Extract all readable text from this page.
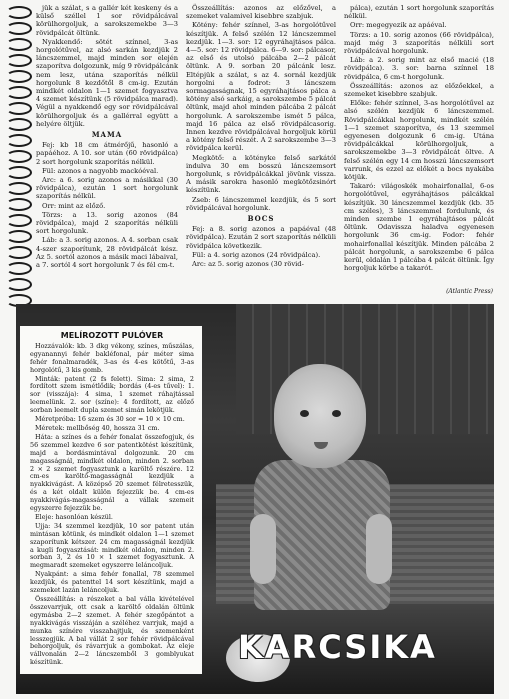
jük a szálat, s a gallér két keskeny és a külső széllel 1 sor rövidpálcával körülhorgoljuk, a sarokszemekbe 3—3 rövidpálcát öltünk.

Nyakkendő: sötét színnel, 3-as horgolótűvel, az alsó sarkán kezdjük 2 láncszemmel, majd minden sor elején szaporítva dolgozunk, míg 9 rövidpálcánk nem lesz, utána szaporítás nélkül horgolunk 8 kezdőtől 8 cm-ig. Ezután mindkét oldalon 1—1 szemet fogyasztva 4 szemet készítünk (5 rövidpálca marad). Végül a nyakkendő egy sor rövidpálcával körülhorgoljuk és a gallérral együtt a helyére öltjük.

MAMA

Fej: kb 18 cm átmérőjű, hasonló a papáéhoz. A 10. sor után (60 rövidpálca) 2 sort horgolunk szaporítás nélkül.

Fül: azonos a nagyobb mackóéval.

Arc: a 6. sorig azonos a másikkal (30 rövidpálca), ezután 1 sort horgolunk szaporítás nélkül.

Orr: mint az előző.

Törzs: a 13. sorig azonos (84 rövidpálca), majd 2 szaporítás nélküli sort horgolunk.

Láb: a 3. sorig azonos. A 4. sorban csak 4-szer szaporítunk, 28 rövidpálcát kész. Az 5. sortól azonos a másik maci lábaival, a 7. sortól 4 sort horgolunk 7 és fél cm-t.

Összeállítás: azonos az előzővel, a szemeket valamivel kisebbre szabjuk.

Kötény: fehér színnel, 3-as horgolótűvel készítjük. A felső szélén 12 láncszemmel kezdjük. 1—3. sor: 12 egyráhajtásos pálca. 4—5. sor: 12 rövidpálca. 6—9. sor: pálcasor, az első és utolsó pálcába 2—2 pálcát öltünk. A 9. sorban 20 pálcánk lesz. Eltépjük a szálat, s az 4. sornál kezdjük horgolni a fodrot: 3 láncszem sormagasságnak, 15 egyráhajtásos pálca a kötény alsó sarkáig, a sarokszembe 5 pálcát öltünk, majd ahol minden pálcába 2 pálcát horgolunk. A sarokszembe ismét 5 pálca, majd 16 pálca az első rövidpálcasorig. Innen kezdve rövidpálcával horgoljuk körül a kötény felső részét. A 2 sarokszembe 3—3 rövidpálca kerül.

Megkötő: a kötényke felső sarkától indulva 30 em bosszú láncszemsort horgolunk, s rövidpálcákkal jövünk vissza. A másik sarokra hasonló megkötőzsinórt készítünk.

Zseb: 6 láncszemmel kezdjük, és 5 sort rövidpálcával horgolunk.

BOCS

Fej: a 8. sorig azonos a papáéval (48 rövidpálca). Ezután 2 sort szaporítás nélküli rövidpálca következik.

Fül: a 4. sorig azonos (24 rövidpálca).

Arc: az 5. sorig azonos (30 rövid-

pálca), ezután 1 sort horgolunk szaporítás nélkül.

Orr: megegyezik az apáéval.

Törzs: a 10. sorig azonos (66 rövidpálca), majd még 3 szaporítás nélküli sort rövidpálcával horgolunk.

Láb: a 2. sorig mint az első macié (18 rövidpálca). 3. sor: barna színnel 18 rövidpálca, 6 cm-t horgolunk.

Összeállítás: azonos az előzőekkel, a szemeket kisebbre szabjuk.

Előke: fehér színnel, 3-as horgolótűvel az alsó szélén kezdjük 6 láncszemmel. Rövidpálcákkal horgolunk, mindkét szélén 1—1 szemet szaporítva, és 13 szemmel egyenesen dolgozunk 6 cm-ig. Utána rövidpálcákkal körülhorgoljuk, a sarokszemekbe 3—3 rövidpálcát öltve. A felső szélén egy 14 cm hosszú láncszemsort varrunk, és ezzel az előkét a bocs nyakába kötjük.

Takaró: világoskék mohairfonallal, 6-os horgolótűvel, egyráhajtásos pálcákkal készítjük. 30 láncszemmel kezdjük (kb. 35 cm széles), 3 láncszemmel fordulunk, és minden szembe 1 egyráhajtásos pálcát öltünk. Odavissza haladva egyenesen horgolunk 36 cm-ig. Fodor: fehér mohairfonallal készítjük. Minden pálcába 2 pálcát horgolunk, a sarokszembe 6 pálca kerül, oldalán 1 pálcába 4 pálcát öltünk. Így horgoljuk körbe a takarót.

(Atlantic Press)
MELÍROZOTT PULÓVER

Hozzávalók: kb. 3 dkg vékony, színes, műszálas, egyanannyi fehér bakléfonal, pár méter sima fehér fonalmaradék, 3-as és 4-es kötőtű, 3-as horgolótű, 3 kis gomb.

Minták: patent (2 fs felett). Sima: 2 sima, 2 fordított szem ismétlődik; bordás (4-es tűvel): 1. sor (visszája): 4 sima, 1 szemet ráhajtással leemelünk. 2. sor (színe): 4 fordított, az előző sorban leemelt dupla szemet simán lekötjük.

Méretpróba: 16 szem és 30 sor = 10 × 10 cm.

Méretek: mellbőség 40, hossza 31 cm.

Háta: a színes és a fehér fonalat összefogjuk, és 56 szemmel kezdve 6 sor patentkötést készítünk, majd a bordásmintával dolgozunk. 20 cm magasságnál, mindkét oldalon, minden 2. sorban 2 × 2 szemet fogyasztunk a karöltő részére. 12 cm-es karöltő-magasságnál kezdjük a nyakkivágást. A középső 20 szemet félretesszük, és a két oldalt külön fejezzük be. 4 cm-es nyakkivágás-magasságnál a vállak szemeit egyszerre fejezzük be.

Eleje: hasonlóan készül.

Ujja: 34 szemmel kezdjük, 10 sor patent után mintásan kötünk, és mindkét oldalon 1—1 szemet szaporítunk kétszer. 24 cm magasságnál kezdjük a kugli fogyasztását: mindkét oldalon, minden 2. sorban 3, 2 és 10 × 1 szemet fogyasztunk. A megmaradt szemeket egyszerre leláncoljuk.

Nyakpánt: a sima fehér fonallal, 78 szemmel kezdjük, és patenttel 14 sort készítünk, majd a szemeket lazán leláncoljuk.

Összeállítás: a részeket a bal válla kivételével összevarrjuk, ott csak a karöltő oldalán öltünk egymásba 2—2 szemet. A fehér szegőpántot a nyakkivágás visszáján a széléhez varrjuk, majd a munka színére visszahajtjuk, és szemenként lesszegjük. A bal vállát 2 sor fehér rövidpálcával behorgoljuk, és rávarrjuk a gombokat. Az eleje vállvonalán 2—2 láncszemből 3 gomblyukat készítünk.	KARCSIKA
